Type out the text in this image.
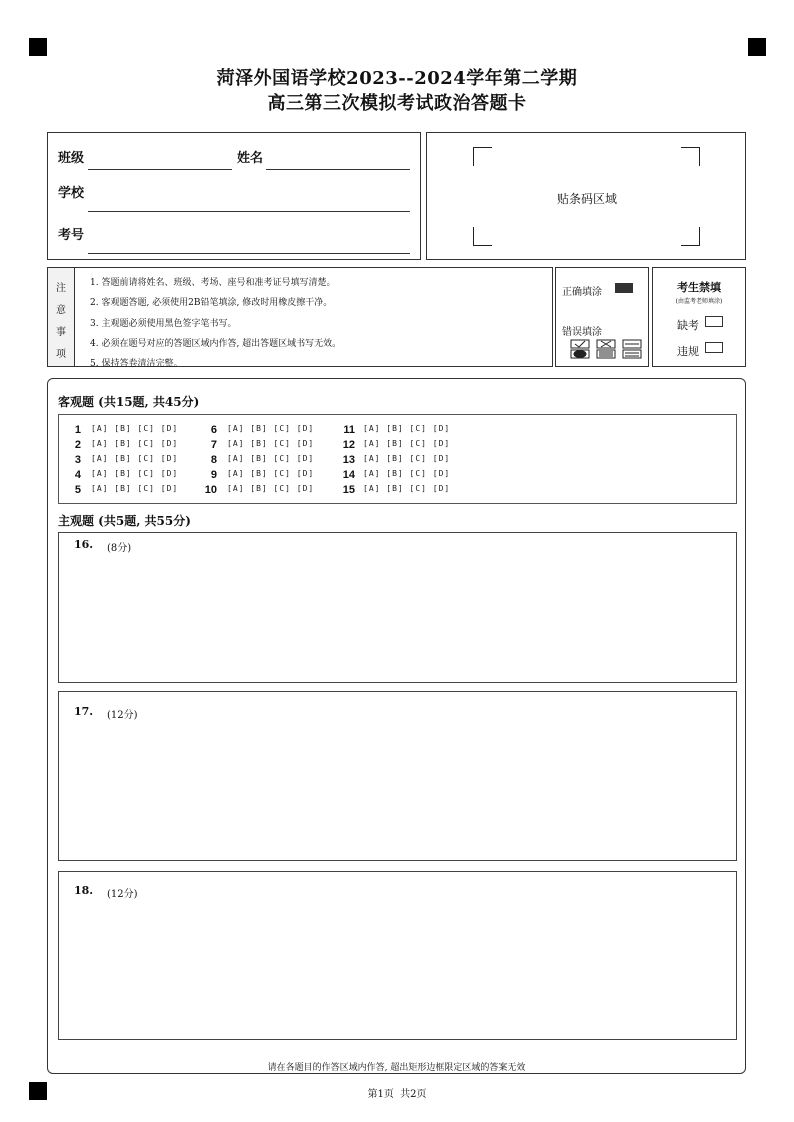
菏泽外国语学校2023--2024学年第二学期
高三第三次模拟考试政治答题卡
班级	姓名
学校
考号
贴条码区域
注
意
事
项
1. 答题前请将姓名、班级、考场、座号和准考证号填写清楚。
2. 客观题答题, 必须使用2B铅笔填涂, 修改时用橡皮擦干净。
3. 主观题必须使用黑色签字笔书写。
4. 必须在题号对应的答题区域内作答, 超出答题区域书写无效。
5. 保持答卷清洁完整。
正确填涂
错误填涂
考生禁填
(由监考老师填涂)
缺考
违规
客观题 (共15题, 共45分)
1 [A] [B] [C] [D]
2 [A] [B] [C] [D]
3 [A] [B] [C] [D]
4 [A] [B] [C] [D]
5 [A] [B] [C] [D]
6 [A] [B] [C] [D]
7 [A] [B] [C] [D]
8 [A] [B] [C] [D]
9 [A] [B] [C] [D]
10 [A] [B] [C] [D]
11 [A] [B] [C] [D]
12 [A] [B] [C] [D]
13 [A] [B] [C] [D]
14 [A] [B] [C] [D]
15 [A] [B] [C] [D]
主观题 (共5题, 共55分)
16. (8分)
17. (12分)
18. (12分)
请在各题目的作答区域内作答, 超出矩形边框限定区域的答案无效
第1页  共2页
